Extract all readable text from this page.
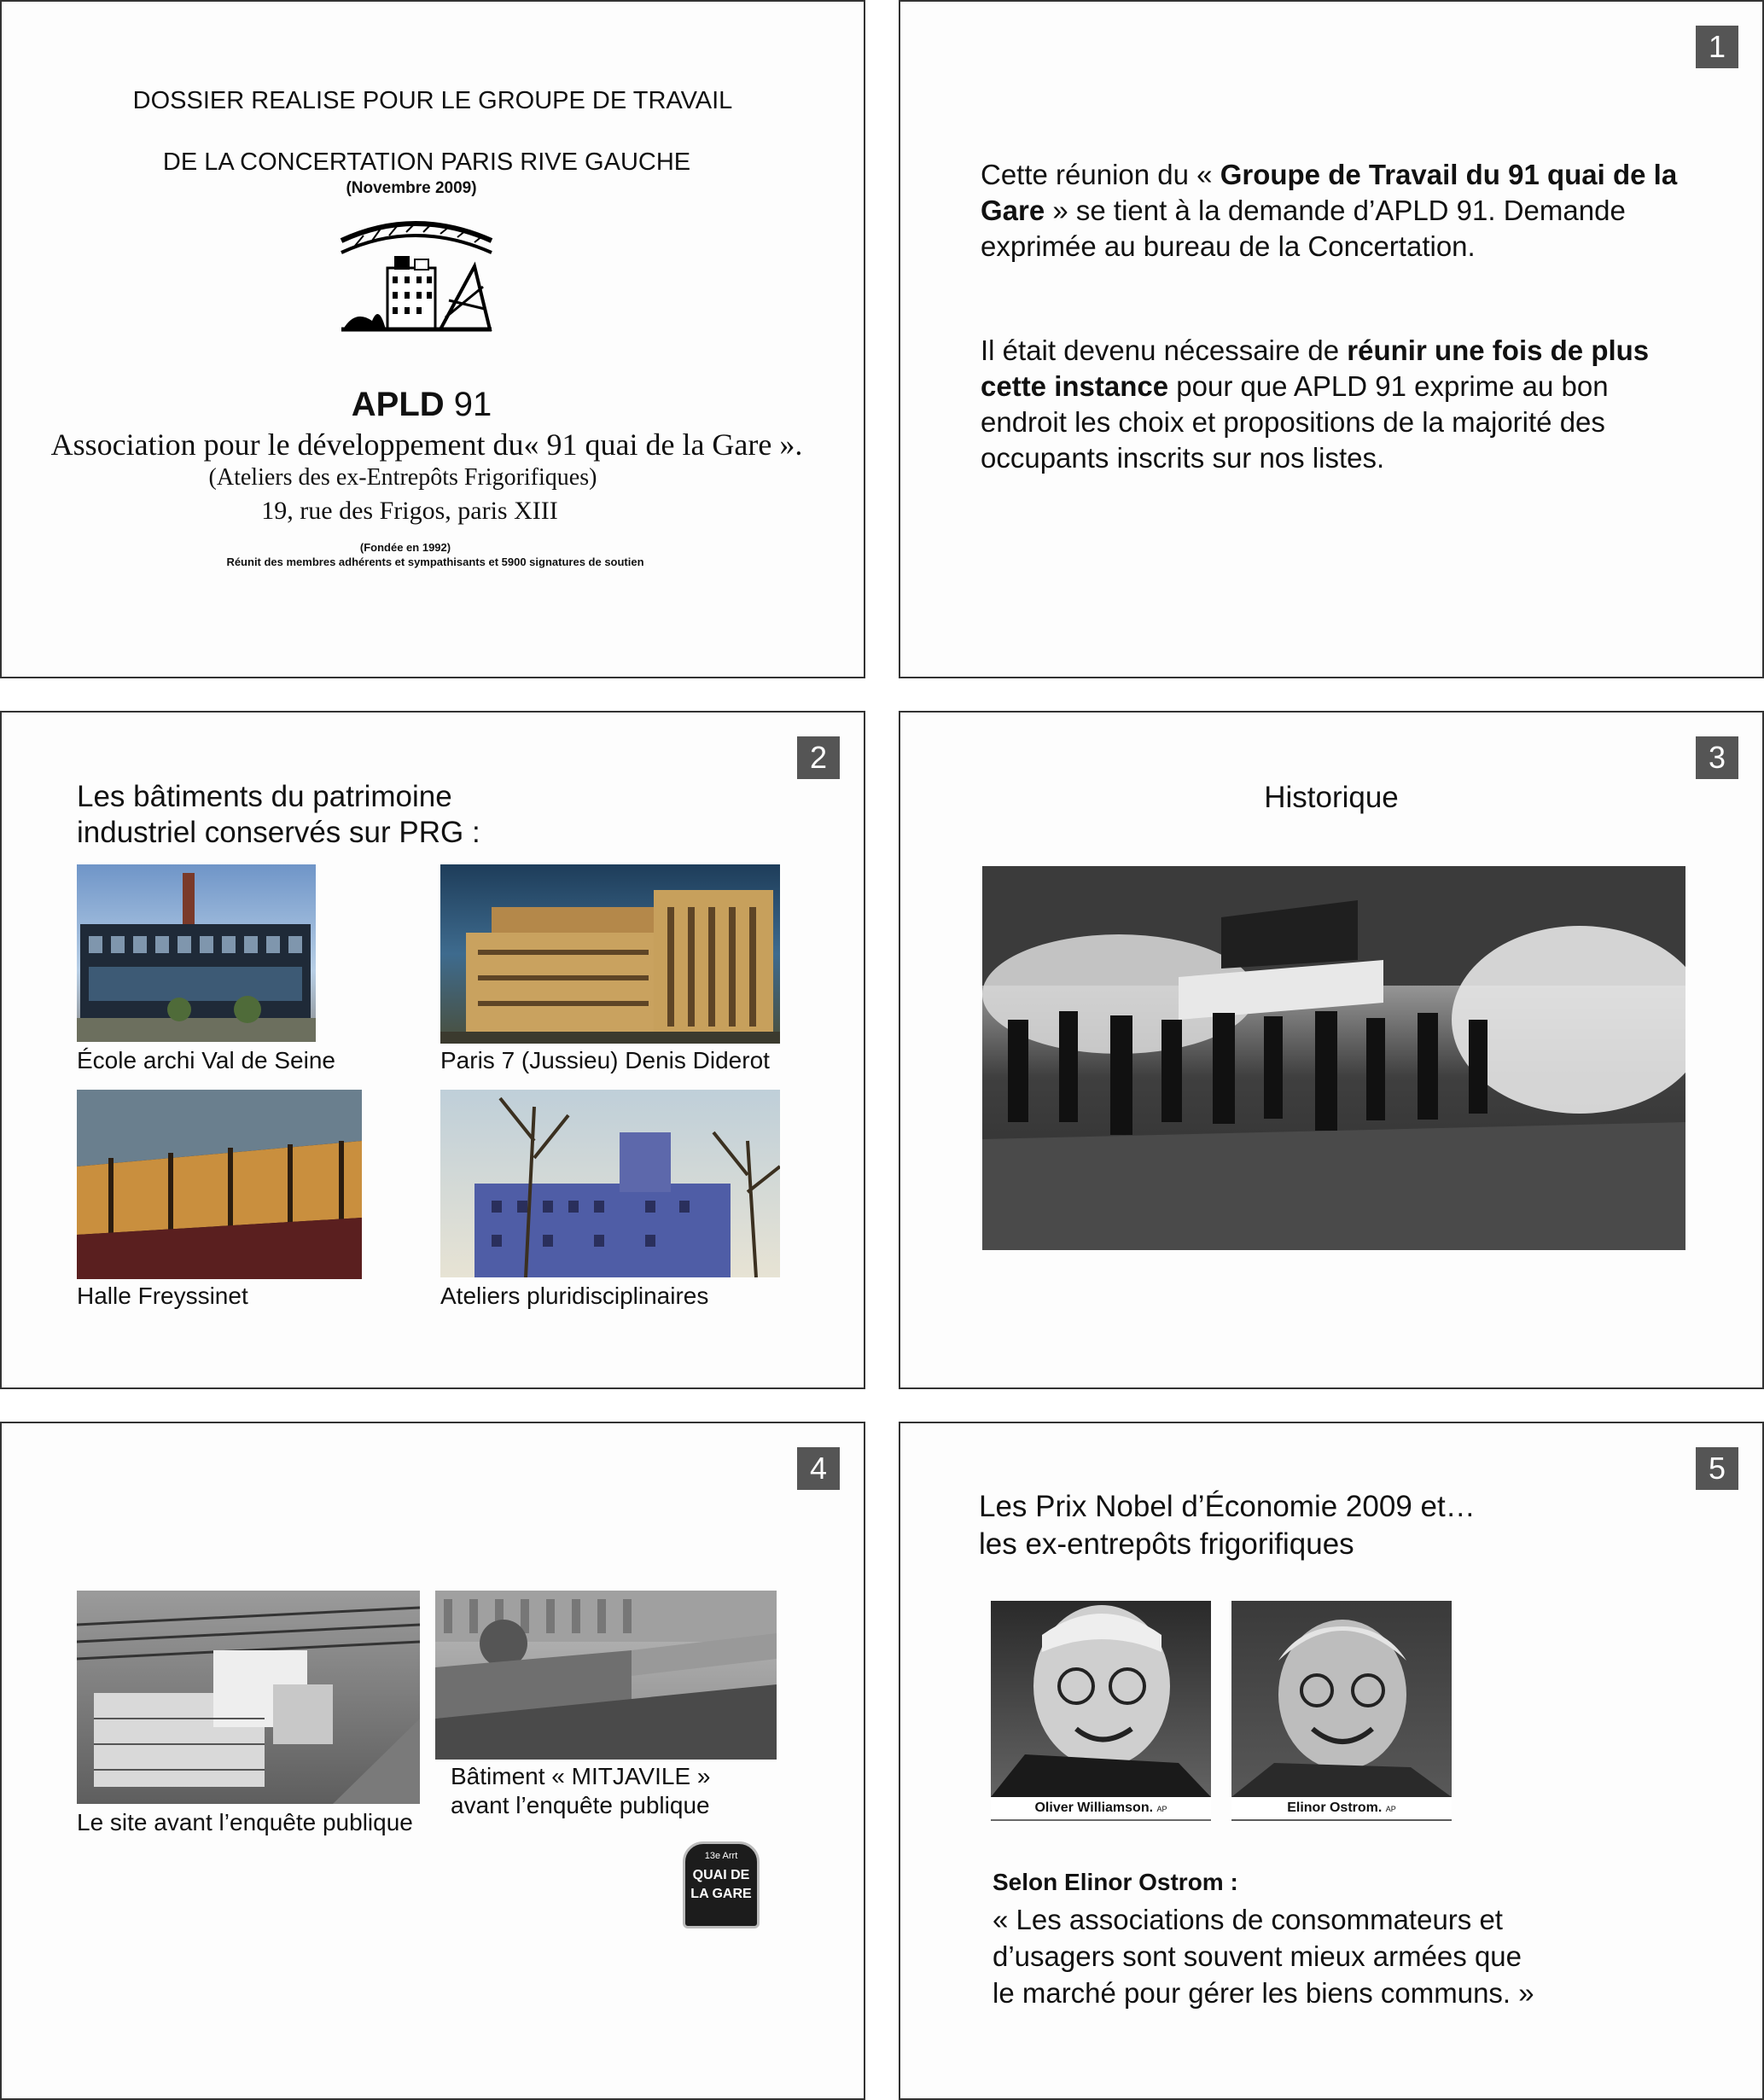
DOSSIER REALISE POUR LE GROUPE DE TRAVAIL
DE LA CONCERTATION PARIS RIVE GAUCHE
(Novembre 2009)
APLD 91
Association pour le développement du« 91 quai de la Gare ».
(Ateliers des ex-Entrepôts Frigorifiques)
19, rue des Frigos, paris XIII
(Fondée en 1992)
Réunit des membres adhérents et sympathisants et 5900 signatures de soutien
1

Cette réunion du « Groupe de Travail du 91 quai de la Gare » se tient à la demande d’APLD 91. Demande exprimée au bureau de la Concertation.

Il était devenu nécessaire de réunir une fois de plus cette instance pour que APLD 91 exprime au bon endroit les choix et propositions de la majorité des occupants inscrits sur nos listes.

2
Les bâtiments du patrimoine
industriel conservés sur PRG :
École archi Val de Seine	Paris 7 (Jussieu) Denis Diderot
Halle Freyssinet	Ateliers pluridisciplinaires
3
Historique
4
Le site avant l’enquête publique
Bâtiment « MITJAVILE »
avant l’enquête publique
13e Arrt
QUAI DE
LA GARE
5
Les Prix Nobel d’Économie 2009 et…
les ex-entrepôts frigorifiques
Oliver Williamson. AP	Elinor Ostrom. AP
Selon Elinor Ostrom :
« Les associations de consommateurs et
d’usagers sont souvent mieux armées que
le marché pour gérer les biens communs. »
